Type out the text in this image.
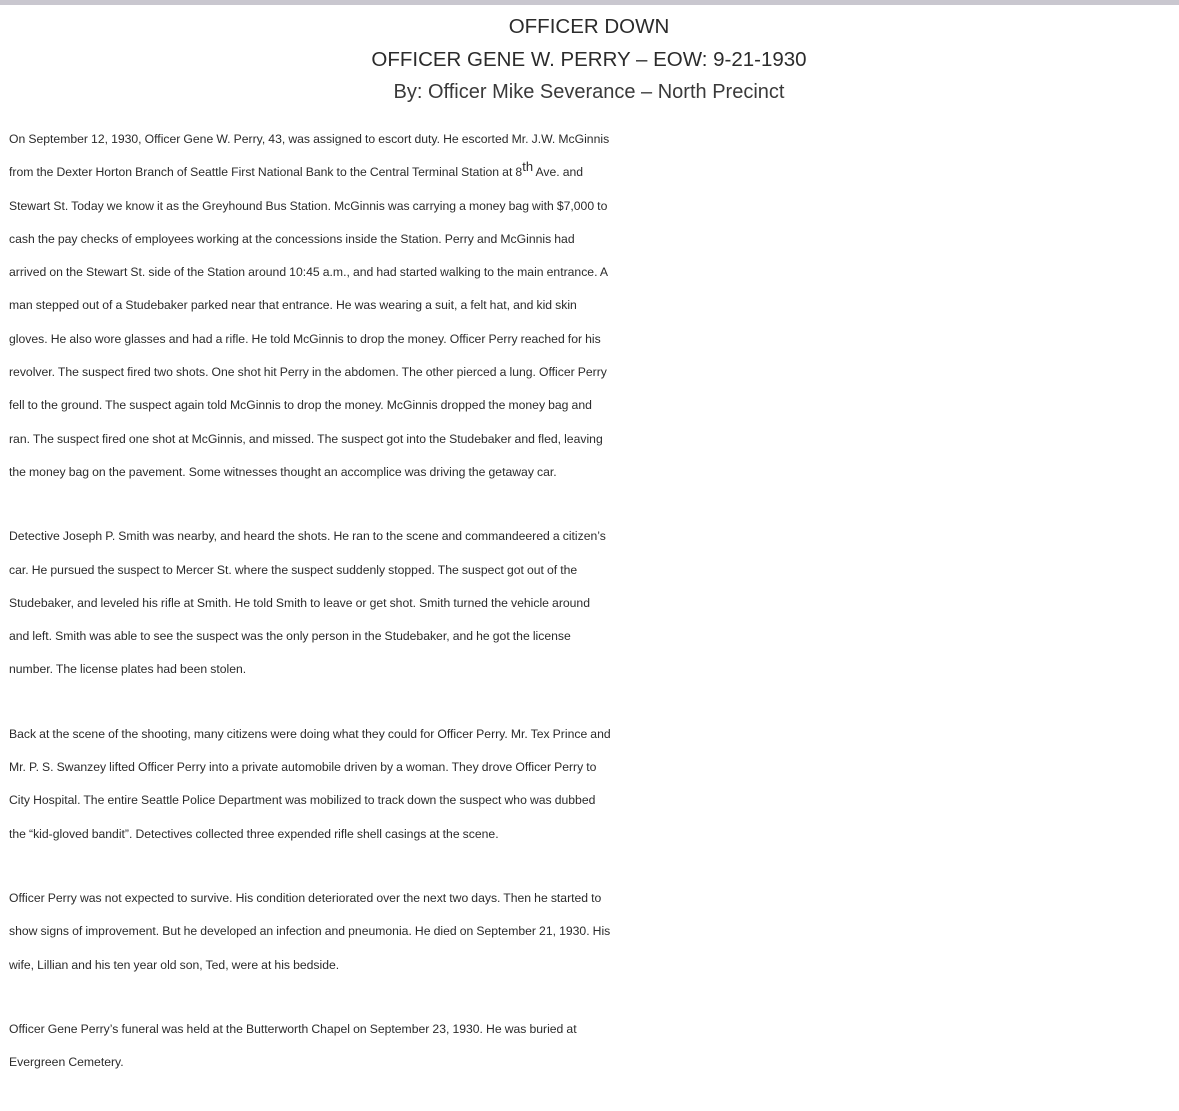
OFFICER DOWN
OFFICER GENE W. PERRY – EOW: 9-21-1930
By: Officer Mike Severance – North Precinct

On September 12, 1930, Officer Gene W. Perry, 43, was assigned to escort duty. He escorted Mr. J.W. McGinnis
from the Dexter Horton Branch of Seattle First National Bank to the Central Terminal Station at 8th Ave. and
Stewart St. Today we know it as the Greyhound Bus Station. McGinnis was carrying a money bag with $7,000 to
cash the pay checks of employees working at the concessions inside the Station. Perry and McGinnis had
arrived on the Stewart St. side of the Station around 10:45 a.m., and had started walking to the main entrance. A
man stepped out of a Studebaker parked near that entrance. He was wearing a suit, a felt hat, and kid skin
gloves. He also wore glasses and had a rifle. He told McGinnis to drop the money. Officer Perry reached for his
revolver. The suspect fired two shots. One shot hit Perry in the abdomen. The other pierced a lung. Officer Perry
fell to the ground. The suspect again told McGinnis to drop the money. McGinnis dropped the money bag and
ran. The suspect fired one shot at McGinnis, and missed. The suspect got into the Studebaker and fled, leaving
the money bag on the pavement. Some witnesses thought an accomplice was driving the getaway car.

Detective Joseph P. Smith was nearby, and heard the shots. He ran to the scene and commandeered a citizen’s
car. He pursued the suspect to Mercer St. where the suspect suddenly stopped. The suspect got out of the
Studebaker, and leveled his rifle at Smith. He told Smith to leave or get shot. Smith turned the vehicle around
and left. Smith was able to see the suspect was the only person in the Studebaker, and he got the license
number. The license plates had been stolen.

Back at the scene of the shooting, many citizens were doing what they could for Officer Perry. Mr. Tex Prince and
Mr. P. S. Swanzey lifted Officer Perry into a private automobile driven by a woman. They drove Officer Perry to
City Hospital. The entire Seattle Police Department was mobilized to track down the suspect who was dubbed
the “kid-gloved bandit”. Detectives collected three expended rifle shell casings at the scene.

Officer Perry was not expected to survive. His condition deteriorated over the next two days. Then he started to
show signs of improvement. But he developed an infection and pneumonia. He died on September 21, 1930. His
wife, Lillian and his ten year old son, Ted, were at his bedside.

Officer Gene Perry’s funeral was held at the Butterworth Chapel on September 23, 1930. He was buried at
Evergreen Cemetery.
